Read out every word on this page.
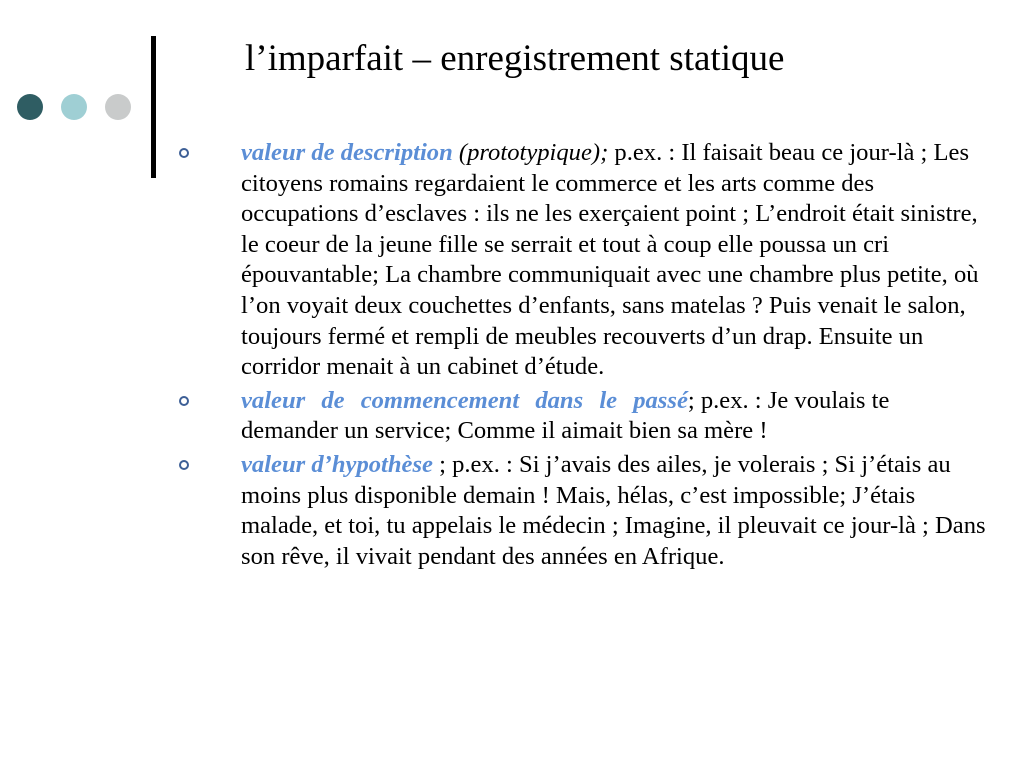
l’imparfait – enregistrement statique
valeur de description (prototypique); p.ex. : Il faisait beau ce jour-là ; Les citoyens romains regardaient le commerce et les arts comme des occupations d’esclaves : ils ne les exerçaient point ; L’endroit était sinistre, le coeur de la jeune fille se serrait et tout à coup elle poussa un cri épouvantable; La chambre communiquait avec une chambre plus petite, où l’on voyait deux couchettes d’enfants, sans matelas ? Puis venait le salon, toujours fermé et rempli de meubles recouverts d’un drap. Ensuite un corridor menait à un cabinet d’étude.
valeur de commencement dans le passé; p.ex. : Je voulais te demander un service; Comme il aimait bien sa mère !
valeur d’hypothèse ; p.ex. : Si j’avais des ailes, je volerais ; Si j’étais au moins plus disponible demain ! Mais, hélas, c’est impossible; J’étais malade, et toi, tu appelais le médecin ; Imagine, il pleuvait ce jour-là ; Dans son rêve, il vivait pendant des années en Afrique.
